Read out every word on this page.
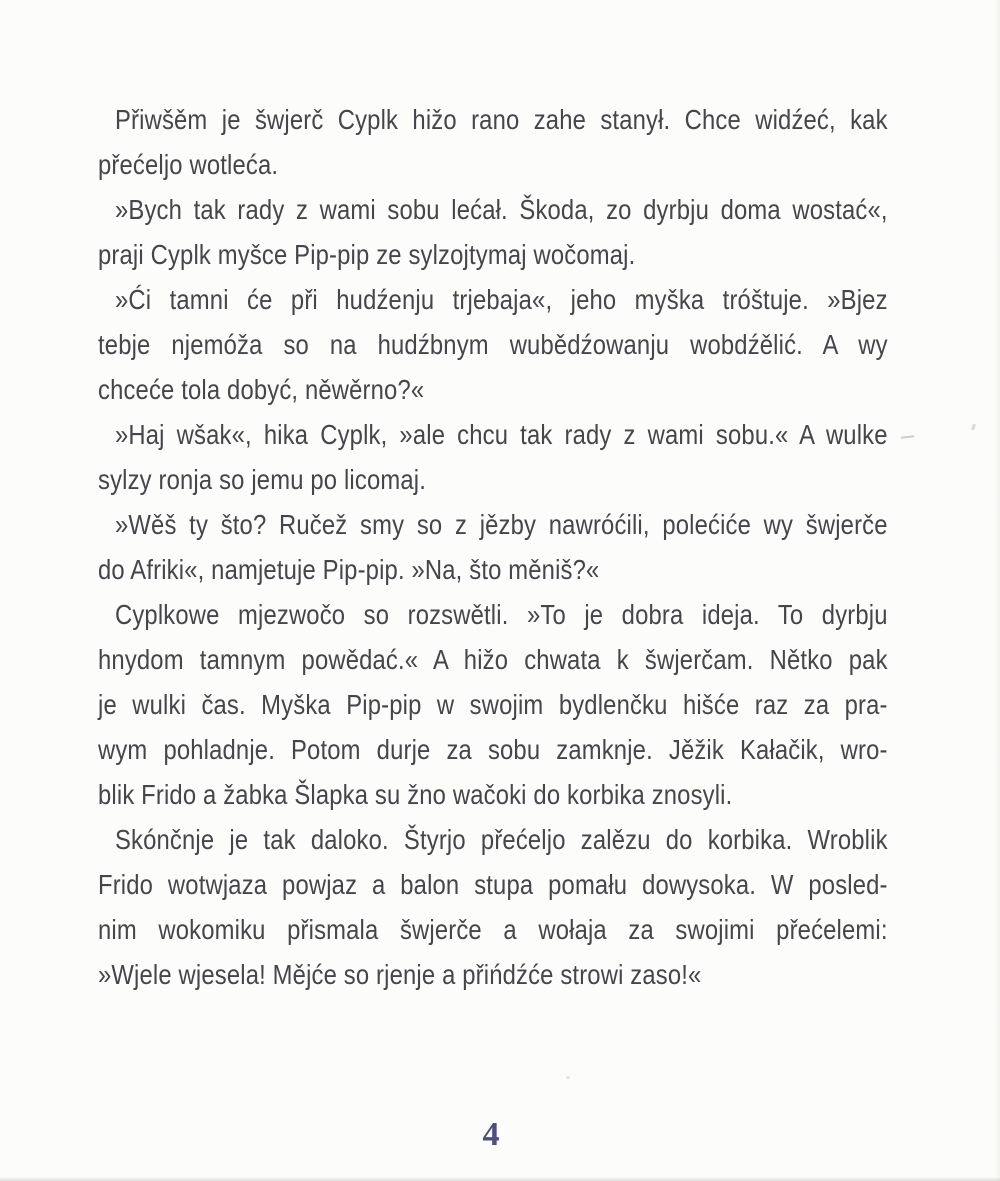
Přiwšěm je šwjerč Cyplk hižo rano zahe stanył. Chce widźeć, kak
přećeljo wotleća.

»Bych tak rady z wami sobu lećał. Škoda, zo dyrbju doma wostać«,
praji Cyplk myšce Pip-pip ze sylzojtymaj wočomaj.

»Ći tamni će při hudźenju trjebaja«, jeho myška tróštuje. »Bjez
tebje njemóža so na hudźbnym wubědźowanju wobdźělić. A wy
chceće tola dobyć, něwěrno?«

»Haj wšak«, hika Cyplk, »ale chcu tak rady z wami sobu.« A wulke
sylzy ronja so jemu po licomaj.

»Wěš ty što? Ručež smy so z jězby nawróćili, polećiće wy šwjerče
do Afriki«, namjetuje Pip-pip. »Na, što měniš?«

Cyplkowe mjezwočo so rozswětli. »To je dobra ideja. To dyrbju
hnydom tamnym powědać.« A hižo chwata k šwjerčam. Nětko pak
je wulki čas. Myška Pip-pip w swojim bydlenčku hišće raz za pra-
wym pohladnje. Potom durje za sobu zamknje. Jěžik Kałačik, wro-
blik Frido a žabka Šlapka su žno wačoki do korbika znosyli.

Skónčnje je tak daloko. Štyrjo přećeljo zalězu do korbika. Wroblik
Frido wotwjaza powjaz a balon stupa pomału dowysoka. W posled-
nim wokomiku přismala šwjerče a wołaja za swojimi přećelemi:
»Wjele wjesela! Mějće so rjenje a přińdźće strowi zaso!«

4
